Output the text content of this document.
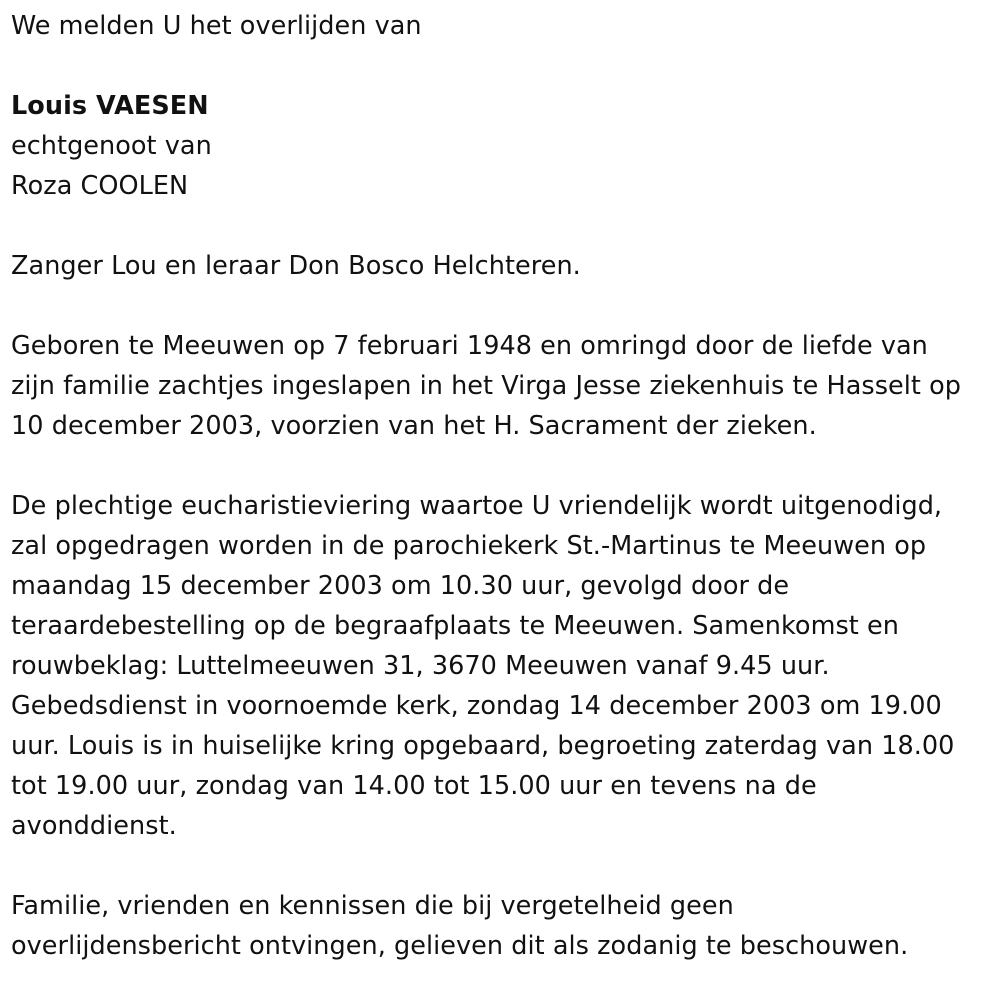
We melden U het overlijden van
Louis VAESEN
echtgenoot van
Roza COOLEN
Zanger Lou en leraar Don Bosco Helchteren.
Geboren te Meeuwen op 7 februari 1948 en omringd door de liefde van
zijn familie zachtjes ingeslapen in het Virga Jesse ziekenhuis te Hasselt op
10 december 2003, voorzien van het H. Sacrament der zieken.
De plechtige eucharistieviering waartoe U vriendelijk wordt uitgenodigd,
zal opgedragen worden in de parochiekerk St.-Martinus te Meeuwen op
maandag 15 december 2003 om 10.30 uur, gevolgd door de
teraardebestelling op de begraafplaats te Meeuwen. Samenkomst en
rouwbeklag: Luttelmeeuwen 31, 3670 Meeuwen vanaf 9.45 uur.
Gebedsdienst in voornoemde kerk, zondag 14 december 2003 om 19.00
uur. Louis is in huiselijke kring opgebaard, begroeting zaterdag van 18.00
tot 19.00 uur, zondag van 14.00 tot 15.00 uur en tevens na de
avonddienst.
Familie, vrienden en kennissen die bij vergetelheid geen
overlijdensbericht ontvingen, gelieven dit als zodanig te beschouwen.
